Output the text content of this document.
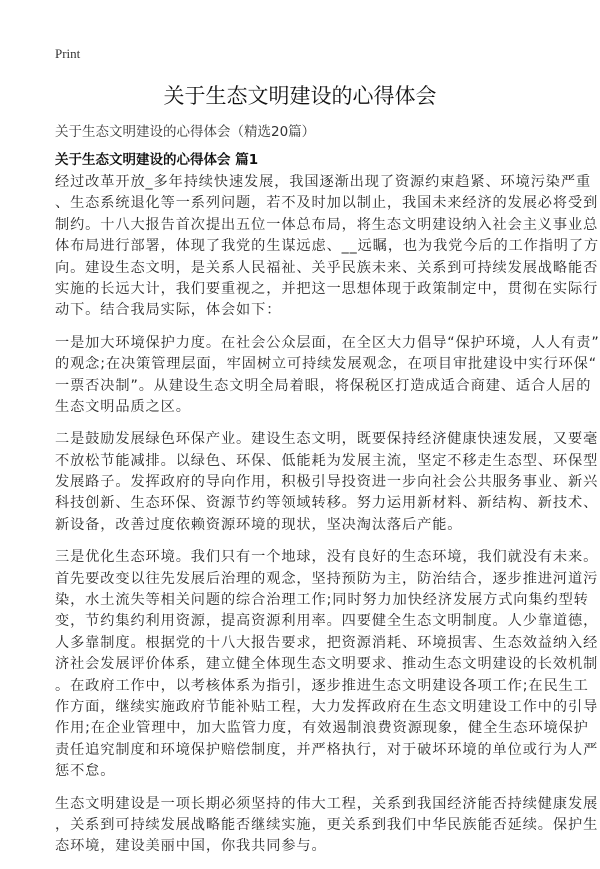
Print
关于生态文明建设的心得体会
关于生态文明建设的心得体会（精选20篇）
关于生态文明建设的心得体会 篇1
经过改革开放_多年持续快速发展，我国逐渐出现了资源约束趋紧、环境污染严重
、生态系统退化等一系列问题，若不及时加以制止，我国未来经济的发展必将受到
制约。十八大报告首次提出五位一体总布局，将生态文明建设纳入社会主义事业总
体布局进行部署，体现了我党的生谋远虑、__远瞩，也为我党今后的工作指明了方
向。建设生态文明，是关系人民福祉、关乎民族未来、关系到可持续发展战略能否
实施的长远大计，我们要重视之，并把这一思想体现于政策制定中，贯彻在实际行
动下。结合我局实际，体会如下：
一是加大环境保护力度。在社会公众层面，在全区大力倡导“保护环境，人人有责”
的观念;在决策管理层面，牢固树立可持续发展观念，在项目审批建设中实行环保“
一票否决制”。从建设生态文明全局着眼，将保税区打造成适合商建、适合人居的
生态文明品质之区。
二是鼓励发展绿色环保产业。建设生态文明，既要保持经济健康快速发展，又要毫
不放松节能减排。以绿色、环保、低能耗为发展主流，坚定不移走生态型、环保型
发展路子。发挥政府的导向作用，积极引导投资进一步向社会公共服务事业、新兴
科技创新、生态环保、资源节约等领域转移。努力运用新材料、新结构、新技术、
新设备，改善过度依赖资源环境的现状，坚决淘汰落后产能。
三是优化生态环境。我们只有一个地球，没有良好的生态环境，我们就没有未来。
首先要改变以往先发展后治理的观念，坚持预防为主，防治结合，逐步推进河道污
染，水土流失等相关问题的综合治理工作;同时努力加快经济发展方式向集约型转
变，节约集约利用资源，提高资源利用率。四要健全生态文明制度。人少靠道德，
人多靠制度。根据党的十八大报告要求，把资源消耗、环境损害、生态效益纳入经
济社会发展评价体系，建立健全体现生态文明要求、推动生态文明建设的长效机制
。在政府工作中，以考核体系为指引，逐步推进生态文明建设各项工作;在民生工
作方面，继续实施政府节能补贴工程，大力发挥政府在生态文明建设工作中的引导
作用;在企业管理中，加大监管力度，有效遏制浪费资源现象，健全生态环境保护
责任追究制度和环境保护赔偿制度，并严格执行，对于破坏环境的单位或行为人严
惩不怠。
生态文明建设是一项长期必须坚持的伟大工程，关系到我国经济能否持续健康发展
，关系到可持续发展战略能否继续实施，更关系到我们中华民族能否延续。保护生
态环境，建设美丽中国，你我共同参与。
